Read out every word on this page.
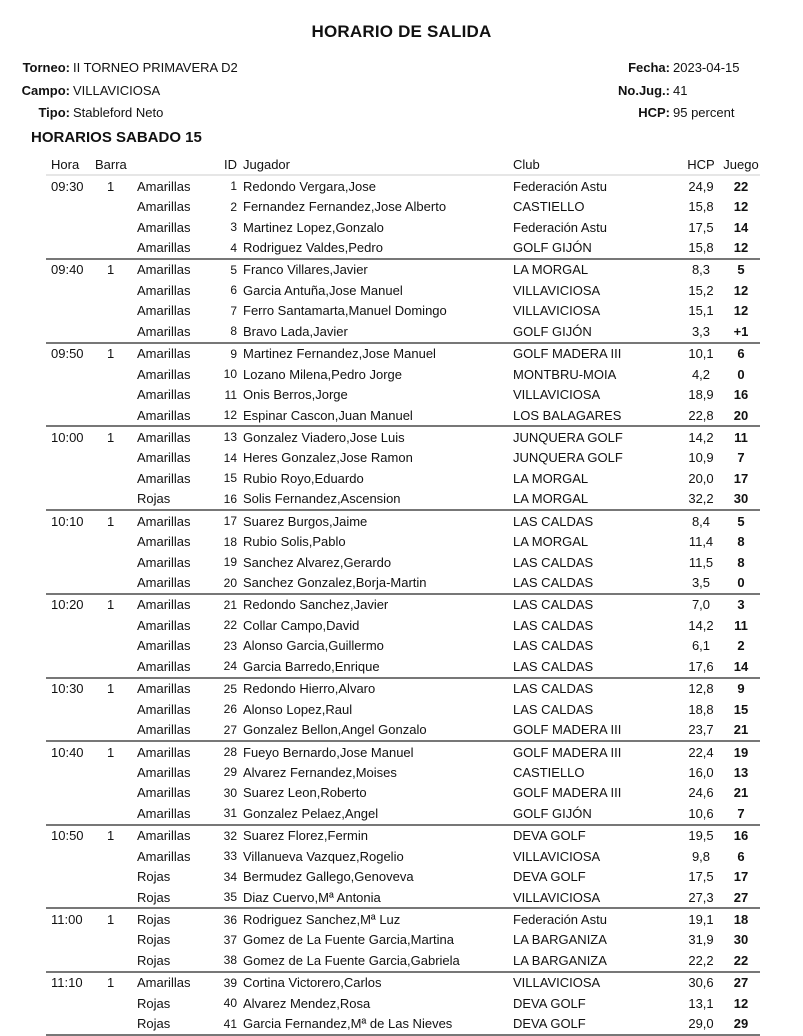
HORARIO DE SALIDA
Torneo: II TORNEO PRIMAVERA D2
Campo: VILLAVICIOSA
Tipo: Stableford Neto
Fecha: 2023-04-15
No.Jug.: 41
HCP: 95 percent
HORARIOS SABADO 15
Hora	Barra		ID	Jugador	Club	HCP	Juego
09:30	1	Amarillas	1	Redondo Vergara,Jose	Federación Astu	24,9	22
		Amarillas	2	Fernandez Fernandez,Jose Alberto	CASTIELLO	15,8	12
		Amarillas	3	Martinez Lopez,Gonzalo	Federación Astu	17,5	14
		Amarillas	4	Rodriguez Valdes,Pedro	GOLF GIJÓN	15,8	12
09:40	1	Amarillas	5	Franco Villares,Javier	LA MORGAL	8,3	5
		Amarillas	6	Garcia Antuña,Jose Manuel	VILLAVICIOSA	15,2	12
		Amarillas	7	Ferro Santamarta,Manuel Domingo	VILLAVICIOSA	15,1	12
		Amarillas	8	Bravo Lada,Javier	GOLF GIJÓN	3,3	+1
09:50	1	Amarillas	9	Martinez Fernandez,Jose Manuel	GOLF MADERA III	10,1	6
		Amarillas	10	Lozano Milena,Pedro Jorge	MONTBRU-MOIA	4,2	0
		Amarillas	11	Onis Berros,Jorge	VILLAVICIOSA	18,9	16
		Amarillas	12	Espinar Cascon,Juan Manuel	LOS BALAGARES	22,8	20
10:00	1	Amarillas	13	Gonzalez Viadero,Jose Luis	JUNQUERA GOLF	14,2	11
		Amarillas	14	Heres Gonzalez,Jose Ramon	JUNQUERA GOLF	10,9	7
		Amarillas	15	Rubio Royo,Eduardo	LA MORGAL	20,0	17
		Rojas	16	Solis Fernandez,Ascension	LA MORGAL	32,2	30
10:10	1	Amarillas	17	Suarez Burgos,Jaime	LAS CALDAS	8,4	5
		Amarillas	18	Rubio Solis,Pablo	LA MORGAL	11,4	8
		Amarillas	19	Sanchez Alvarez,Gerardo	LAS CALDAS	11,5	8
		Amarillas	20	Sanchez Gonzalez,Borja-Martin	LAS CALDAS	3,5	0
10:20	1	Amarillas	21	Redondo Sanchez,Javier	LAS CALDAS	7,0	3
		Amarillas	22	Collar Campo,David	LAS CALDAS	14,2	11
		Amarillas	23	Alonso Garcia,Guillermo	LAS CALDAS	6,1	2
		Amarillas	24	Garcia Barredo,Enrique	LAS CALDAS	17,6	14
10:30	1	Amarillas	25	Redondo Hierro,Alvaro	LAS CALDAS	12,8	9
		Amarillas	26	Alonso Lopez,Raul	LAS CALDAS	18,8	15
		Amarillas	27	Gonzalez Bellon,Angel Gonzalo	GOLF MADERA III	23,7	21
10:40	1	Amarillas	28	Fueyo Bernardo,Jose Manuel	GOLF MADERA III	22,4	19
		Amarillas	29	Alvarez Fernandez,Moises	CASTIELLO	16,0	13
		Amarillas	30	Suarez Leon,Roberto	GOLF MADERA III	24,6	21
		Amarillas	31	Gonzalez Pelaez,Angel	GOLF GIJÓN	10,6	7
10:50	1	Amarillas	32	Suarez Florez,Fermin	DEVA GOLF	19,5	16
		Amarillas	33	Villanueva Vazquez,Rogelio	VILLAVICIOSA	9,8	6
		Rojas	34	Bermudez Gallego,Genoveva	DEVA GOLF	17,5	17
		Rojas	35	Diaz Cuervo,Mª Antonia	VILLAVICIOSA	27,3	27
11:00	1	Rojas	36	Rodriguez Sanchez,Mª Luz	Federación Astu	19,1	18
		Rojas	37	Gomez de La Fuente Garcia,Martina	LA BARGANIZA	31,9	30
		Rojas	38	Gomez de La Fuente Garcia,Gabriela	LA BARGANIZA	22,2	22
11:10	1	Amarillas	39	Cortina Victorero,Carlos	VILLAVICIOSA	30,6	27
		Rojas	40	Alvarez Mendez,Rosa	DEVA GOLF	13,1	12
		Rojas	41	Garcia Fernandez,Mª de Las Nieves	DEVA GOLF	29,0	29
